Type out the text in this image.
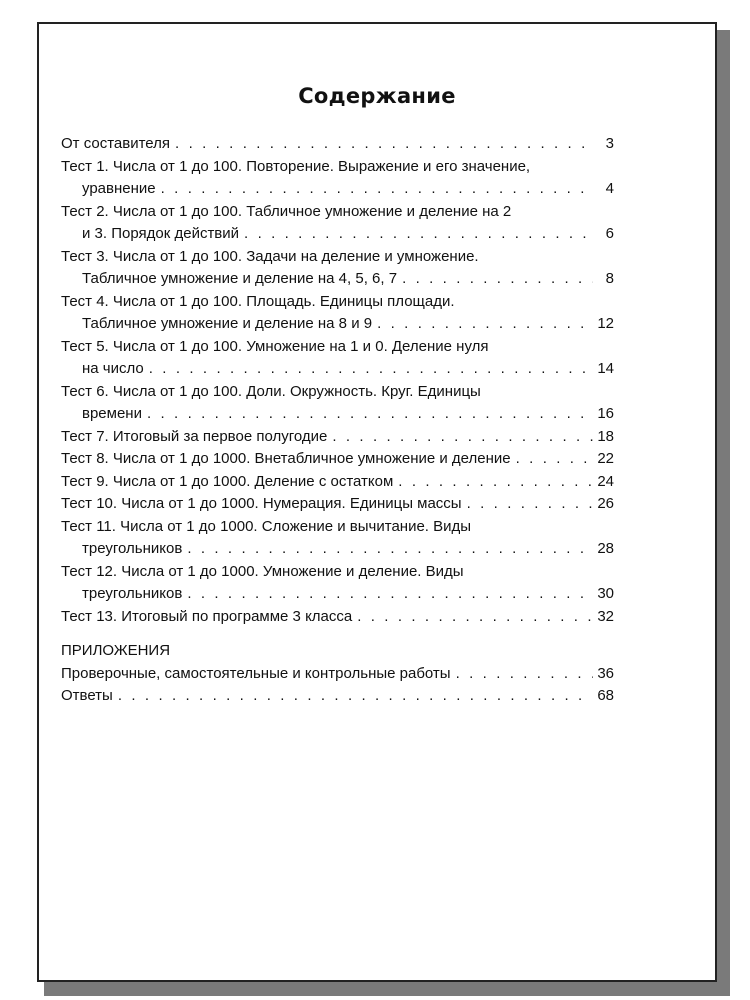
Содержание
От составителя . . .	3
Тест 1. Числа от 1 до 100. Повторение. Выражение и его значение,
уравнение . . .	4
Тест 2. Числа от 1 до 100. Табличное умножение и деление на 2
и 3. Порядок действий . . .	6
Тест 3. Числа от 1 до 100. Задачи на деление и умножение.
Табличное умножение и деление на 4, 5, 6, 7 . . .	8
Тест 4. Числа от 1 до 100. Площадь. Единицы площади.
Табличное умножение и деление на 8 и 9 . . .	12
Тест 5. Числа от 1 до 100. Умножение на 1 и 0. Деление нуля
на число . . .	14
Тест 6. Числа от 1 до 100. Доли. Окружность. Круг. Единицы
времени . . .	16
Тест 7. Итоговый за первое полугодие . . .	18
Тест 8. Числа от 1 до 1000. Внетабличное умножение и деление . . .	22
Тест 9. Числа от 1 до 1000. Деление с остатком . . .	24
Тест 10. Числа от 1 до 1000. Нумерация. Единицы массы . . .	26
Тест 11. Числа от 1 до 1000. Сложение и вычитание. Виды
треугольников . . .	28
Тест 12. Числа от 1 до 1000. Умножение и деление. Виды
треугольников . . .	30
Тест 13. Итоговый по программе 3 класса . . .	32
ПРИЛОЖЕНИЯ
Проверочные, самостоятельные и контрольные работы . . .	36
Ответы . . .	68
